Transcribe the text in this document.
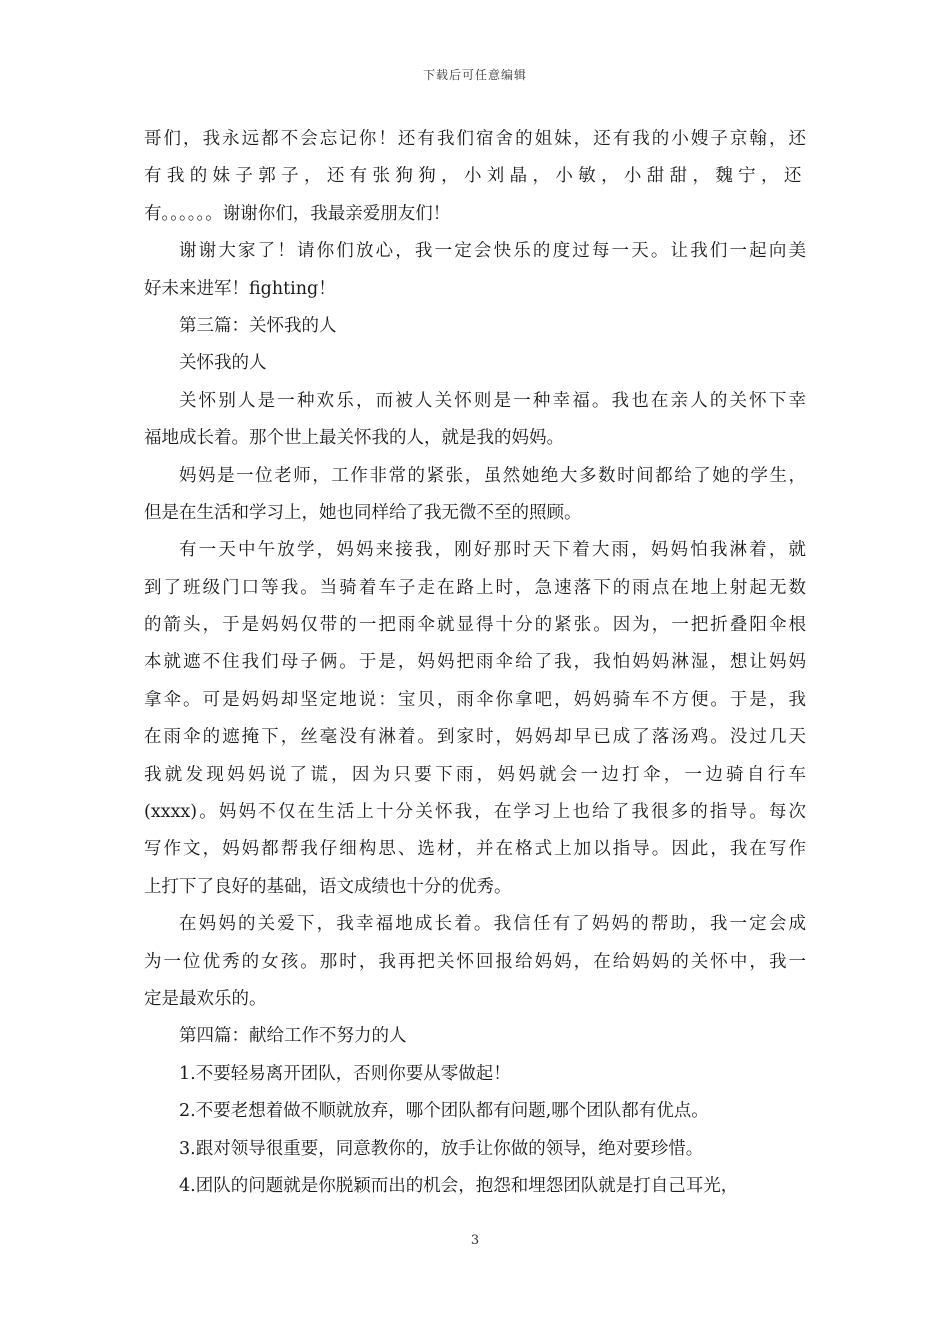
下载后可任意编辑
哥们，我永远都不会忘记你！还有我们宿舍的姐妹，还有我的小嫂子京翰，还
有我的妹子郭子，还有张狗狗，小刘晶，小敏，小甜甜，魏宁，还
有。。。。。。谢谢你们，我最亲爱朋友们！
谢谢大家了！请你们放心，我一定会快乐的度过每一天。让我们一起向美
好未来进军！fighting！
第三篇：关怀我的人
关怀我的人
关怀别人是一种欢乐，而被人关怀则是一种幸福。我也在亲人的关怀下幸
福地成长着。那个世上最关怀我的人，就是我的妈妈。
妈妈是一位老师，工作非常的紧张，虽然她绝大多数时间都给了她的学生，
但是在生活和学习上，她也同样给了我无微不至的照顾。
有一天中午放学，妈妈来接我，刚好那时天下着大雨，妈妈怕我淋着，就
到了班级门口等我。当骑着车子走在路上时，急速落下的雨点在地上射起无数
的箭头，于是妈妈仅带的一把雨伞就显得十分的紧张。因为，一把折叠阳伞根
本就遮不住我们母子俩。于是，妈妈把雨伞给了我，我怕妈妈淋湿，想让妈妈
拿伞。可是妈妈却坚定地说：宝贝，雨伞你拿吧，妈妈骑车不方便。于是，我
在雨伞的遮掩下，丝毫没有淋着。到家时，妈妈却早已成了落汤鸡。没过几天
我就发现妈妈说了谎，因为只要下雨，妈妈就会一边打伞，一边骑自行车
(xxxx)。妈妈不仅在生活上十分关怀我，在学习上也给了我很多的指导。每次
写作文，妈妈都帮我仔细构思、选材，并在格式上加以指导。因此，我在写作
上打下了良好的基础，语文成绩也十分的优秀。
在妈妈的关爱下，我幸福地成长着。我信任有了妈妈的帮助，我一定会成
为一位优秀的女孩。那时，我再把关怀回报给妈妈，在给妈妈的关怀中，我一
定是最欢乐的。
第四篇：献给工作不努力的人
1.不要轻易离开团队，否则你要从零做起！
2.不要老想着做不顺就放弃，哪个团队都有问题,哪个团队都有优点。
3.跟对领导很重要，同意教你的，放手让你做的领导，绝对要珍惜。
4.团队的问题就是你脱颖而出的机会，抱怨和埋怨团队就是打自己耳光，
3
